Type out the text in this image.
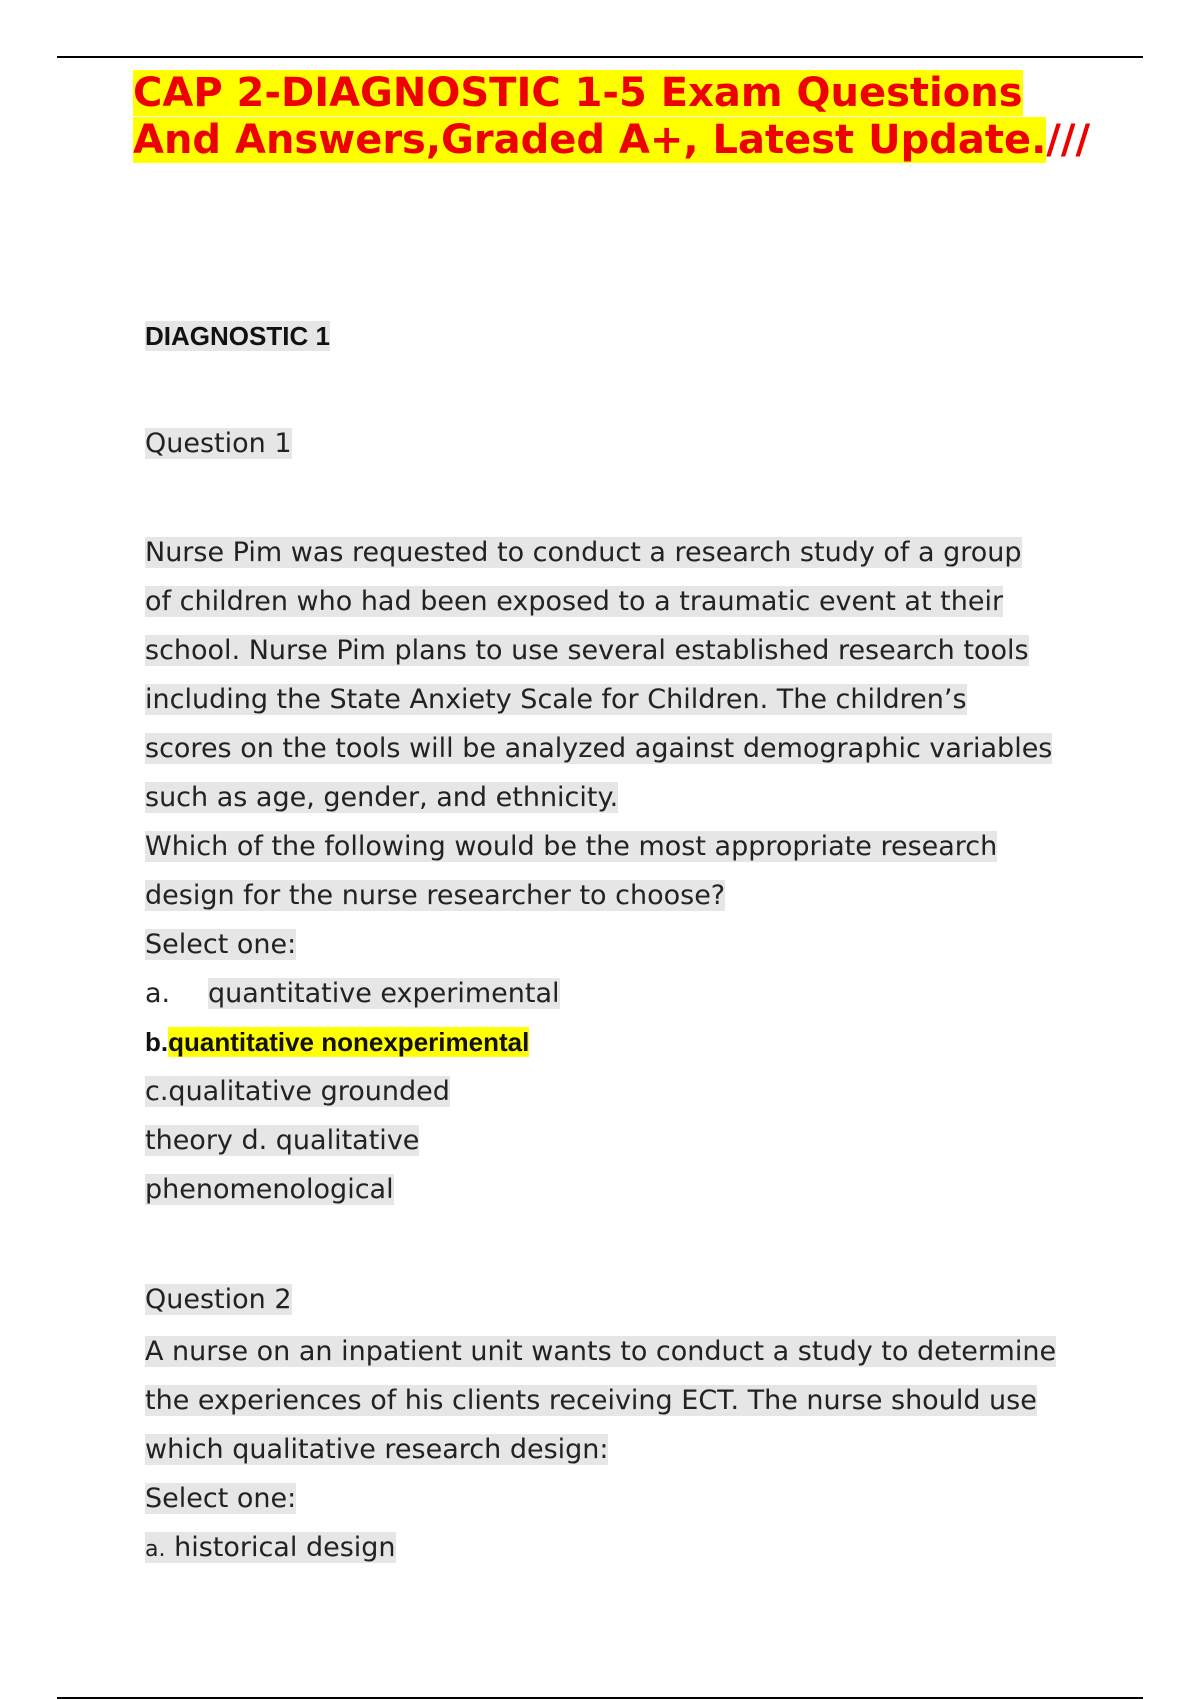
CAP 2-DIAGNOSTIC 1-5 Exam Questions And Answers,Graded A+, Latest Update.///
DIAGNOSTIC 1
Question 1
Nurse Pim was requested to conduct a research study of a group
of children who had been exposed to a traumatic event at their
school. Nurse Pim plans to use several established research tools
including the State Anxiety Scale for Children. The children’s
scores on the tools will be analyzed against demographic variables
such as age, gender, and ethnicity.
Which of the following would be the most appropriate research
design for the nurse researcher to choose?
Select one:
a. quantitative experimental
b.quantitative nonexperimental
c.qualitative grounded
theory d. qualitative
phenomenological
Question 2
A nurse on an inpatient unit wants to conduct a study to determine
the experiences of his clients receiving ECT. The nurse should use
which qualitative research design:
Select one:
a. historical design
